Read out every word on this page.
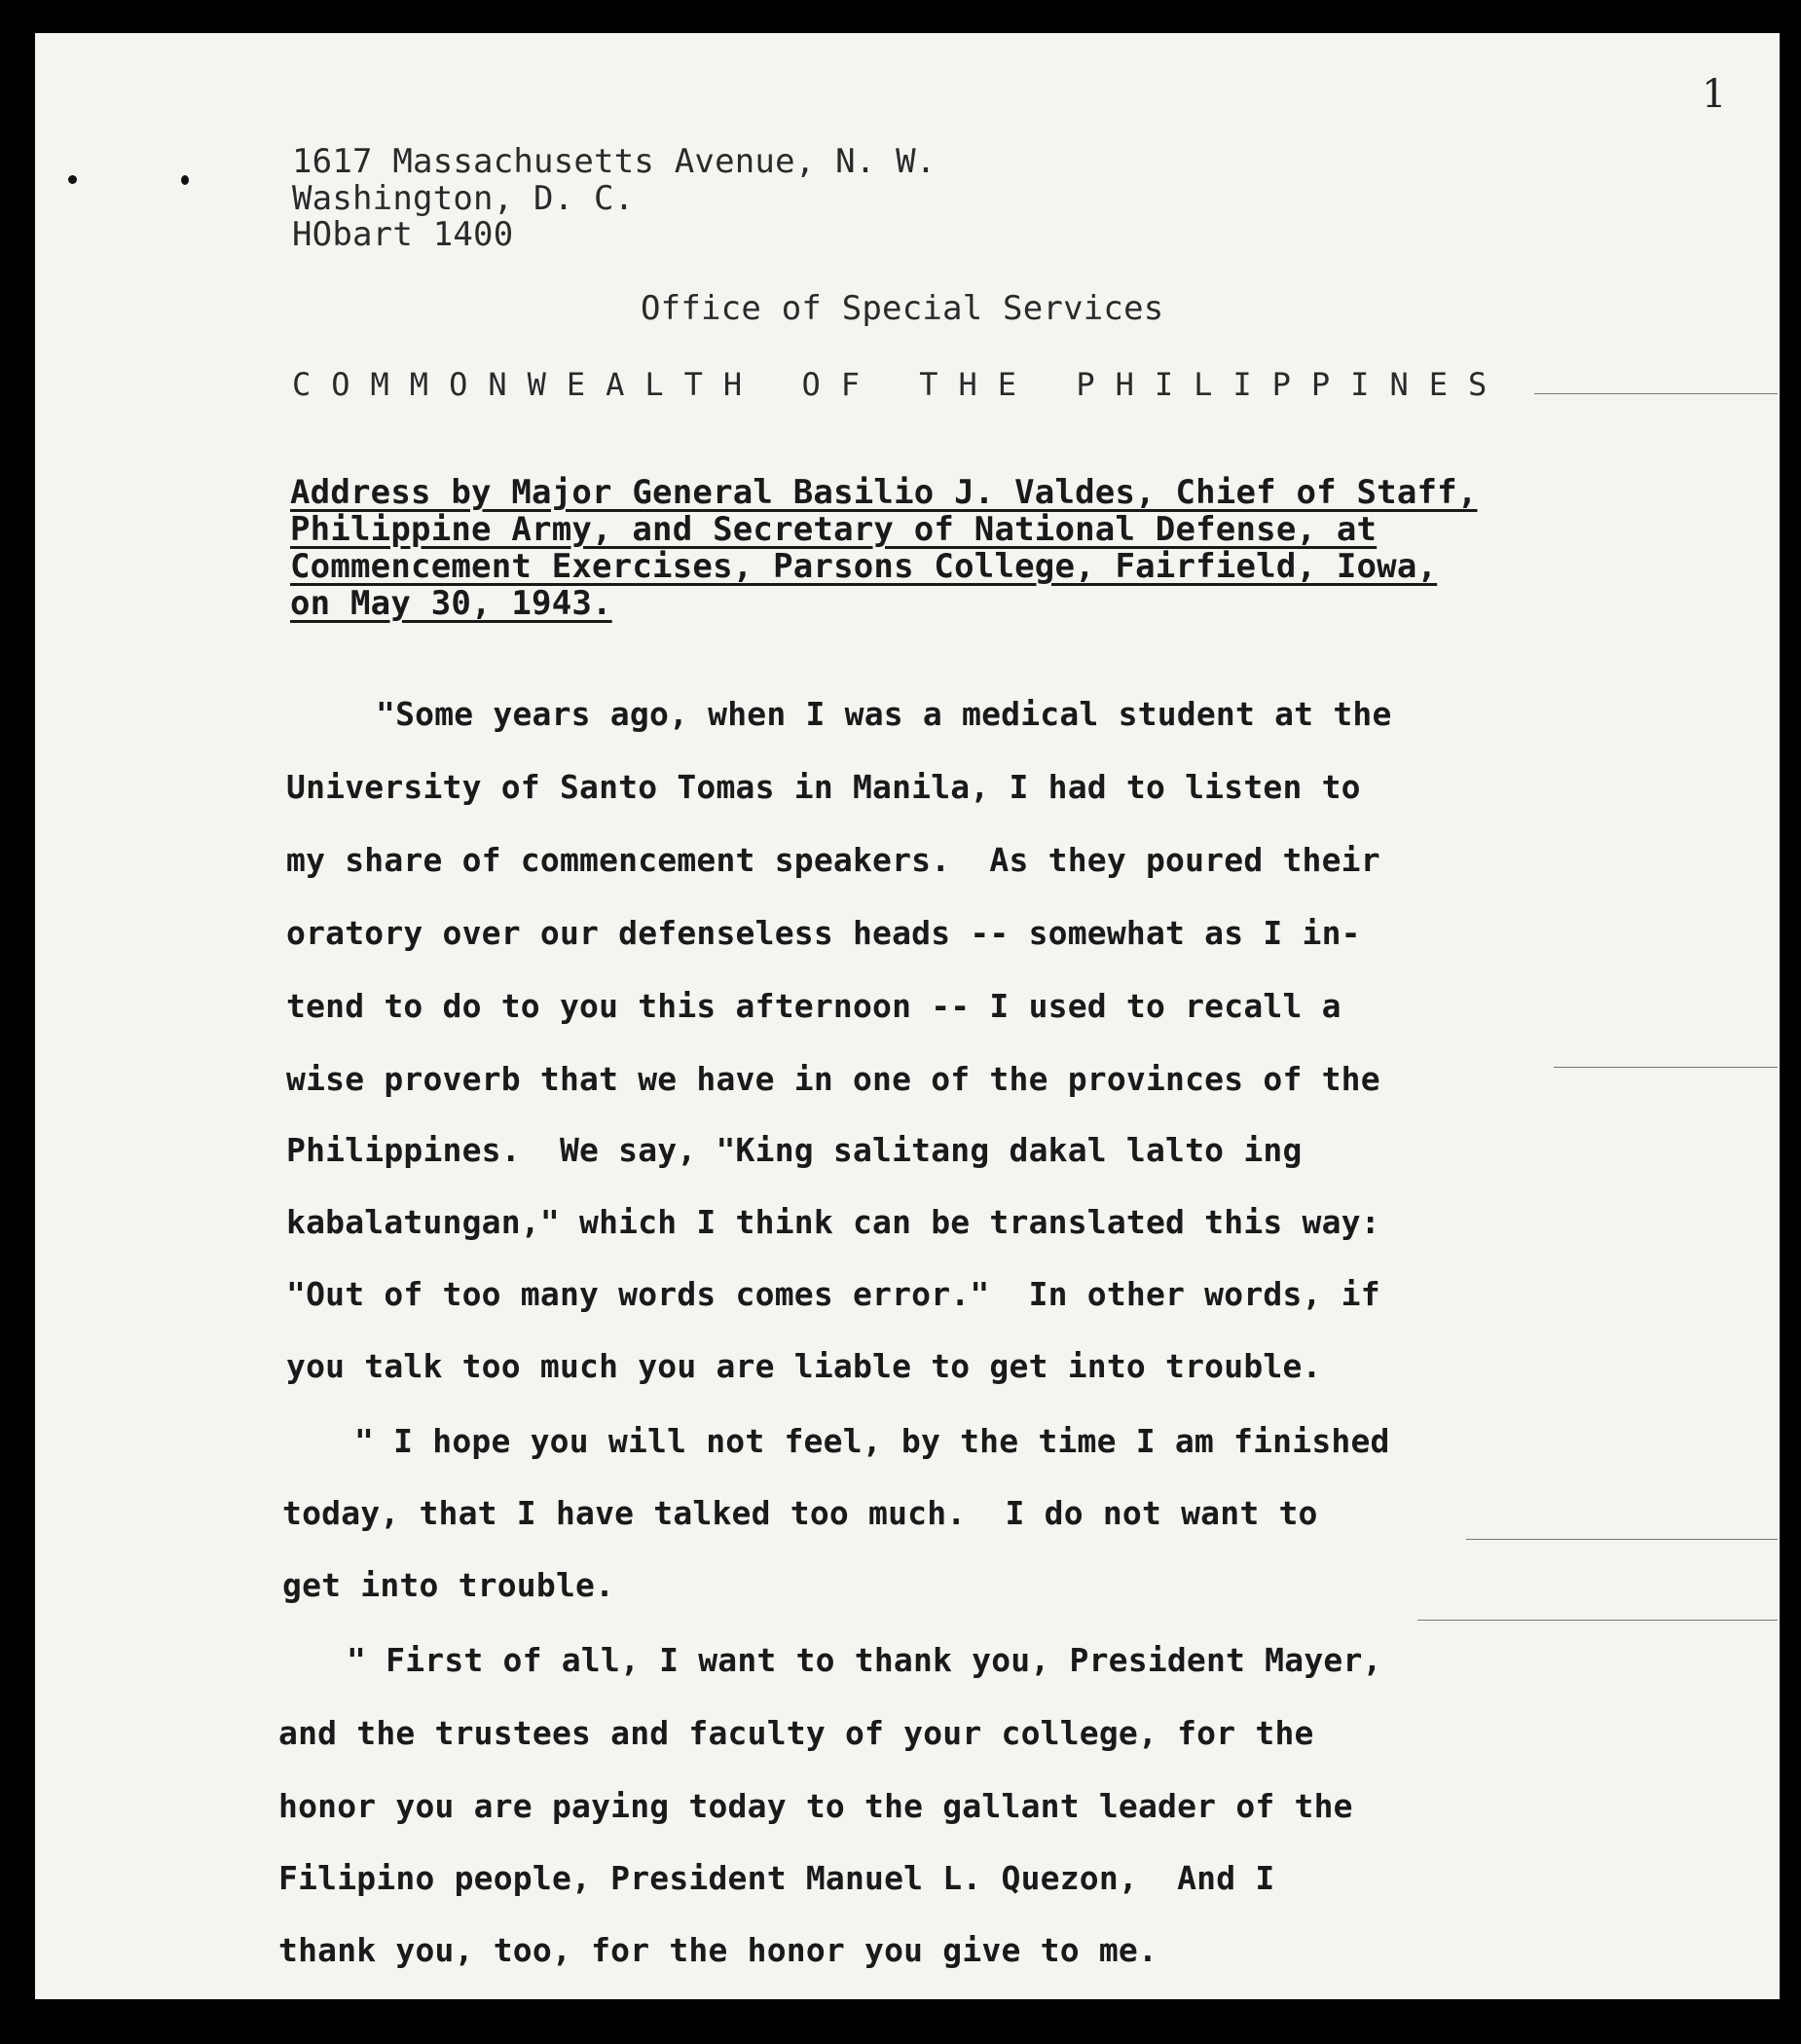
1
1617 Massachusetts Avenue, N. W.
Washington, D. C.
HObart 1400
Office of Special Services
COMMONWEALTH OF THE PHILIPPINES
Address by Major General Basilio J. Valdes, Chief of Staff,
Philippine Army, and Secretary of National Defense, at
Commencement Exercises, Parsons College, Fairfield, Iowa,
on May 30, 1943.
"Some years ago, when I was a medical student at the
University of Santo Tomas in Manila, I had to listen to
my share of commencement speakers.  As they poured their
oratory over our defenseless heads -- somewhat as I in-
tend to do to you this afternoon -- I used to recall a
wise proverb that we have in one of the provinces of the
Philippines.  We say, "King salitang dakal lalto ing
kabalatungan," which I think can be translated this way:
"Out of too many words comes error."  In other words, if
you talk too much you are liable to get into trouble.
" I hope you will not feel, by the time I am finished
today, that I have talked too much.  I do not want to
get into trouble.
" First of all, I want to thank you, President Mayer,
and the trustees and faculty of your college, for the
honor you are paying today to the gallant leader of the
Filipino people, President Manuel L. Quezon,  And I
thank you, too, for the honor you give to me.
